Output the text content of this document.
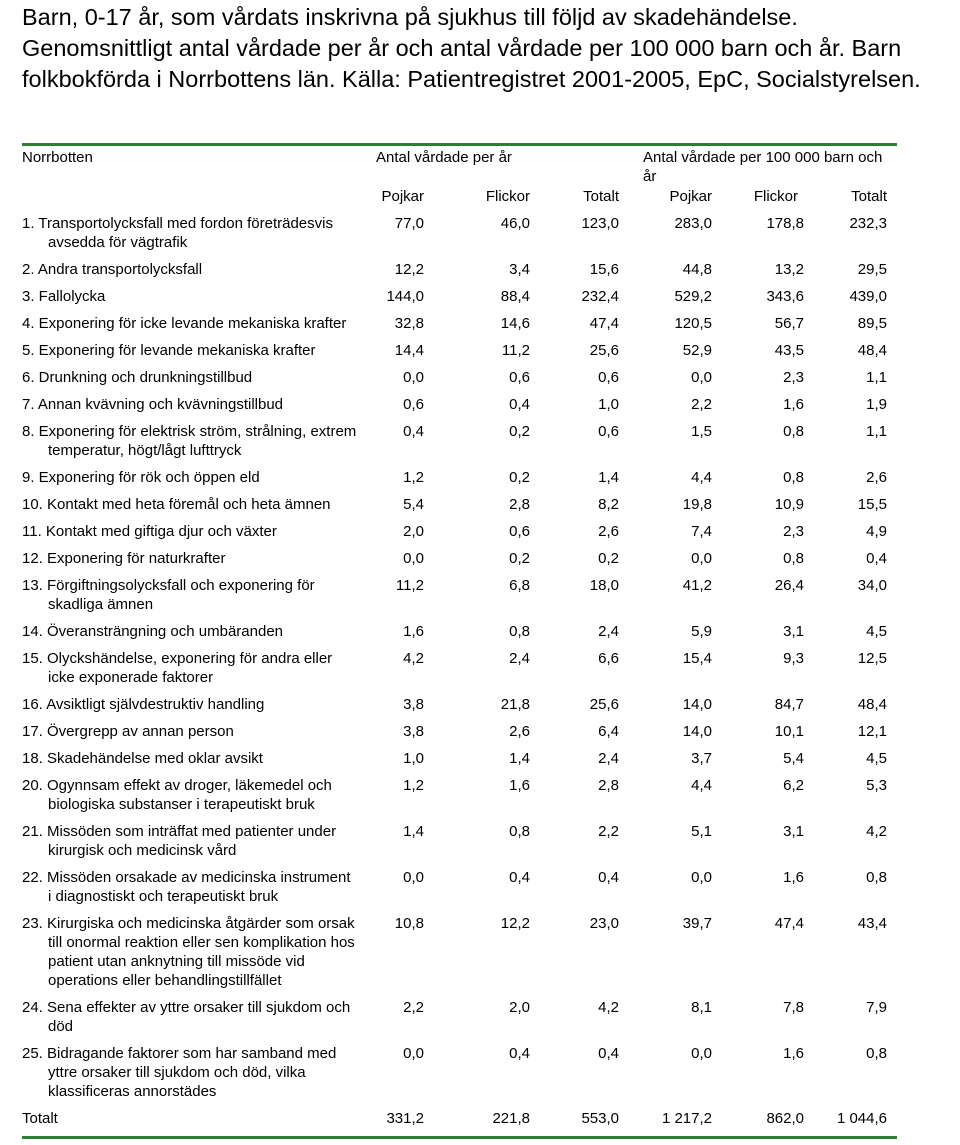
Barn, 0-17 år, som vårdats inskrivna på sjukhus till följd av skadehändelse. Genomsnittligt antal vårdade per år och antal vårdade per 100 000 barn och år. Barn folkbokförda i Norrbottens län. Källa: Patientregistret 2001-2005, EpC, Socialstyrelsen.
Norrbotten	Antal vårdade per år	Antal vårdade per 100 000 barn och år
Pojkar	Flickor	Totalt	Pojkar	Flickor	Totalt
1. Transportolycksfall med fordon företrädesvis avsedda för vägtrafik	77,0	46,0	123,0	283,0	178,8	232,3
2. Andra transportolycksfall	12,2	3,4	15,6	44,8	13,2	29,5
3. Fallolycka	144,0	88,4	232,4	529,2	343,6	439,0
4. Exponering för icke levande mekaniska krafter	32,8	14,6	47,4	120,5	56,7	89,5
5. Exponering för levande mekaniska krafter	14,4	11,2	25,6	52,9	43,5	48,4
6. Drunkning och drunkningstillbud	0,0	0,6	0,6	0,0	2,3	1,1
7. Annan kvävning och kvävningstillbud	0,6	0,4	1,0	2,2	1,6	1,9
8. Exponering för elektrisk ström, strålning, extrem temperatur, högt/lågt lufttryck	0,4	0,2	0,6	1,5	0,8	1,1
9. Exponering för rök och öppen eld	1,2	0,2	1,4	4,4	0,8	2,6
10. Kontakt med heta föremål och heta ämnen	5,4	2,8	8,2	19,8	10,9	15,5
11. Kontakt med giftiga djur och växter	2,0	0,6	2,6	7,4	2,3	4,9
12. Exponering för naturkrafter	0,0	0,2	0,2	0,0	0,8	0,4
13. Förgiftningsolycksfall och exponering för skadliga ämnen	11,2	6,8	18,0	41,2	26,4	34,0
14. Överansträngning och umbäranden	1,6	0,8	2,4	5,9	3,1	4,5
15. Olyckshändelse, exponering för andra eller icke exponerade faktorer	4,2	2,4	6,6	15,4	9,3	12,5
16. Avsiktligt självdestruktiv handling	3,8	21,8	25,6	14,0	84,7	48,4
17. Övergrepp av annan person	3,8	2,6	6,4	14,0	10,1	12,1
18. Skadehändelse med oklar avsikt	1,0	1,4	2,4	3,7	5,4	4,5
20. Ogynnsam effekt av droger, läkemedel och biologiska substanser i terapeutiskt bruk	1,2	1,6	2,8	4,4	6,2	5,3
21. Missöden som inträffat med patienter under kirurgisk och medicinsk vård	1,4	0,8	2,2	5,1	3,1	4,2
22. Missöden orsakade av medicinska instrument i diagnostiskt och terapeutiskt bruk	0,0	0,4	0,4	0,0	1,6	0,8
23. Kirurgiska och medicinska åtgärder som orsak till onormal reaktion eller sen komplikation hos patient utan anknytning till missöde vid operations eller behandlingstillfället	10,8	12,2	23,0	39,7	47,4	43,4
24. Sena effekter av yttre orsaker till sjukdom och död	2,2	2,0	4,2	8,1	7,8	7,9
25. Bidragande faktorer som har samband med yttre orsaker till sjukdom och död, vilka klassificeras annorstädes	0,0	0,4	0,4	0,0	1,6	0,8
Totalt	331,2	221,8	553,0	1 217,2	862,0	1 044,6
